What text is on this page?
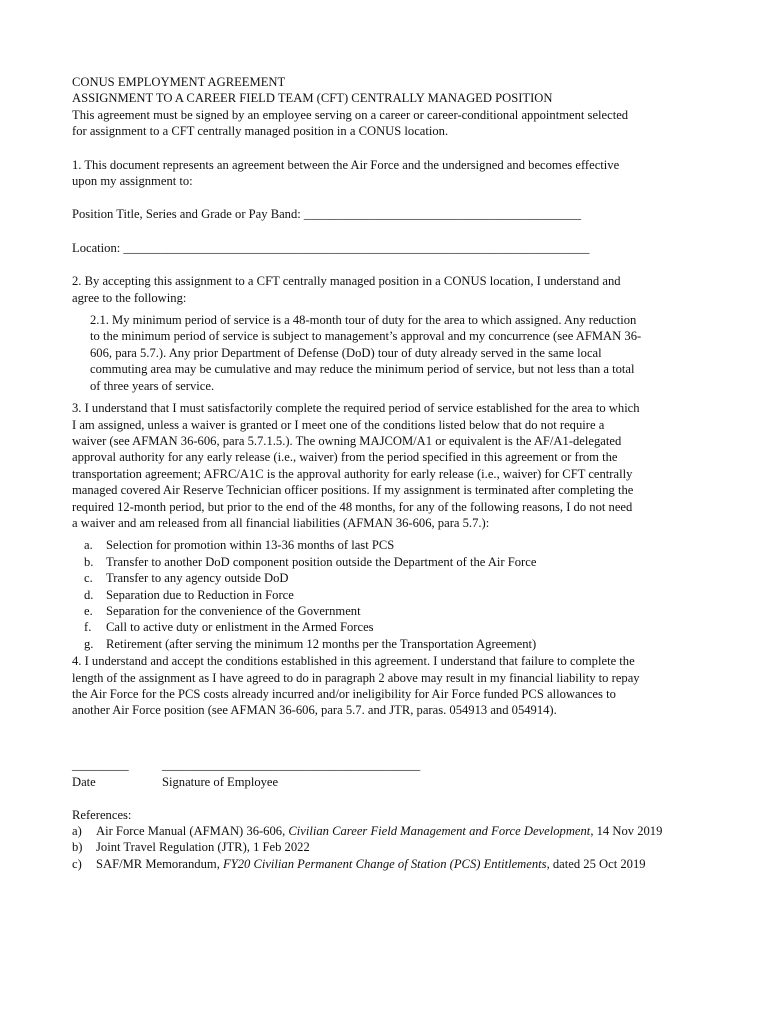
CONUS EMPLOYMENT AGREEMENT
ASSIGNMENT TO A CAREER FIELD TEAM (CFT) CENTRALLY MANAGED POSITION
This agreement must be signed by an employee serving on a career or career-conditional appointment selected
for assignment to a CFT centrally managed position in a CONUS location.

1. This document represents an agreement between the Air Force and the undersigned and becomes effective
upon my assignment to:

Position Title, Series and Grade or Pay Band: ____________________________________________

Location: __________________________________________________________________________

2. By accepting this assignment to a CFT centrally managed position in a CONUS location, I understand and
agree to the following:

2.1. My minimum period of service is a 48-month tour of duty for the area to which assigned. Any reduction
to the minimum period of service is subject to management’s approval and my concurrence (see AFMAN 36-
606, para 5.7.). Any prior Department of Defense (DoD) tour of duty already served in the same local
commuting area may be cumulative and may reduce the minimum period of service, but not less than a total
of three years of service.

3. I understand that I must satisfactorily complete the required period of service established for the area to which
I am assigned, unless a waiver is granted or I meet one of the conditions listed below that do not require a
waiver (see AFMAN 36-606, para 5.7.1.5.). The owning MAJCOM/A1 or equivalent is the AF/A1-delegated
approval authority for any early release (i.e., waiver) from the period specified in this agreement or from the
transportation agreement; AFRC/A1C is the approval authority for early release (i.e., waiver) for CFT centrally
managed covered Air Reserve Technician officer positions. If my assignment is terminated after completing the
required 12-month period, but prior to the end of the 48 months, for any of the following reasons, I do not need
a waiver and am released from all financial liabilities (AFMAN 36-606, para 5.7.):

a.	Selection for promotion within 13-36 months of last PCS
b. Transfer to another DoD component position outside the Department of the Air Force
c.	Transfer to any agency outside DoD
d. Separation due to Reduction in Force
e.	Separation for the convenience of the Government
f.	Call to active duty or enlistment in the Armed Forces
g. Retirement (after serving the minimum 12 months per the Transportation Agreement)

4. I understand and accept the conditions established in this agreement. I understand that failure to complete the
length of the assignment as I have agreed to do in paragraph 2 above may result in my financial liability to repay
the Air Force for the PCS costs already incurred and/or ineligibility for Air Force funded PCS allowances to
another Air Force position (see AFMAN 36-606, para 5.7. and JTR, paras. 054913 and 054914).

_________	_________________________________________
Date	Signature of Employee
References:
a)	Air Force Manual (AFMAN) 36-606, Civilian Career Field Management and Force Development, 14 Nov 2019
b)	Joint Travel Regulation (JTR), 1 Feb 2022
c)	SAF/MR Memorandum, FY20 Civilian Permanent Change of Station (PCS) Entitlements, dated 25 Oct 2019
